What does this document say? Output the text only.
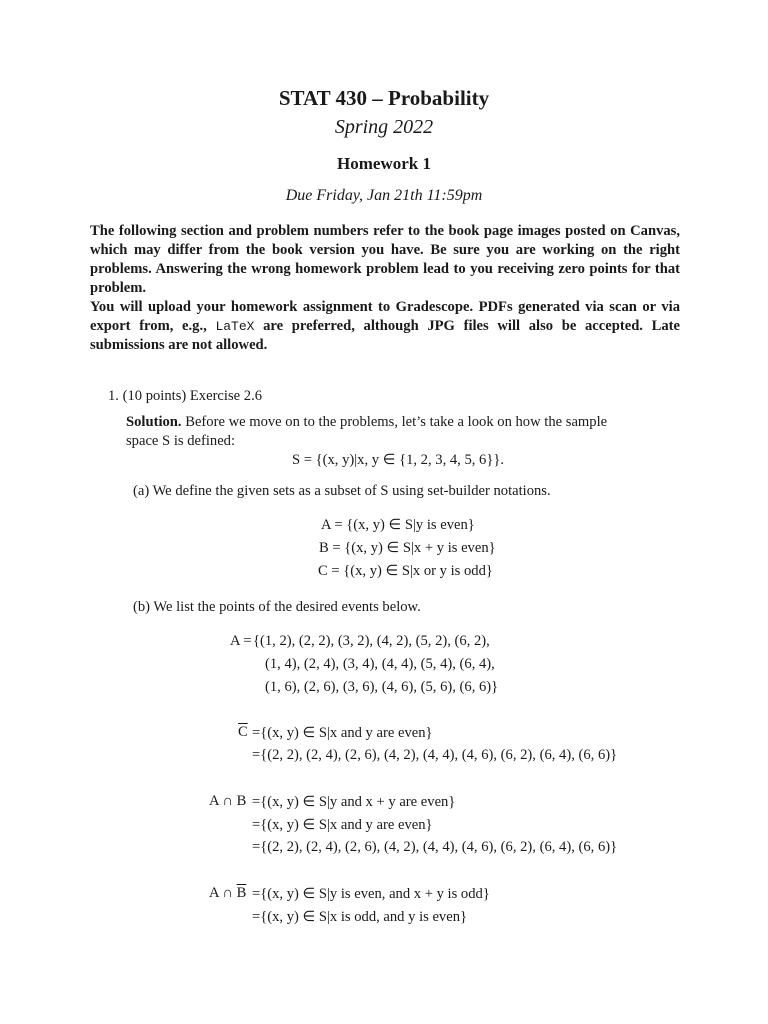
STAT 430 – Probability
Spring 2022
Homework 1
Due Friday, Jan 21th 11:59pm

The following section and problem numbers refer to the book page images posted on Canvas, which may differ from the book version you have. Be sure you are working on the right problems. Answering the wrong homework problem lead to you receiving zero points for that problem.

You will upload your homework assignment to Gradescope. PDFs generated via scan or via export from, e.g., LaTeX are preferred, although JPG files will also be accepted. Late submissions are not allowed.

1. (10 points) Exercise 2.6
Solution. Before we move on to the problems, let’s take a look on how the sample
space S is defined:
S = {(x, y)|x, y ∈ {1, 2, 3, 4, 5, 6}}.
(a) We define the given sets as a subset of S using set-builder notations.
A = {(x, y) ∈ S|y is even}
B = {(x, y) ∈ S|x + y is even}
C = {(x, y) ∈ S|x or y is odd}
(b) We list the points of the desired events below.
A = {(1, 2), (2, 2), (3, 2), (4, 2), (5, 2), (6, 2),
(1, 4), (2, 4), (3, 4), (4, 4), (5, 4), (6, 4),
(1, 6), (2, 6), (3, 6), (4, 6), (5, 6), (6, 6)}
$\overline{C} =\{(x$, y) ∈ S|x and y are even}
={(2, 2), (2, 4), (2, 6), (4, 2), (4, 4), (4, 6), (6, 2), (6, 4), (6, 6)}
A ∩ B ={(x, y) ∈ S|y and x + y are even}
={(x, y) ∈ S|x and y are even}
={(2, 2), (2, 4), (2, 6), (4, 2), (4, 4), (4, 6), (6, 2), (6, 4), (6, 6)}
A ∩ $\overline{B} =\{(x$, y) ∈ S|y is even, and x + y is odd}
={(x, y) ∈ S|x is odd, and y is even}
